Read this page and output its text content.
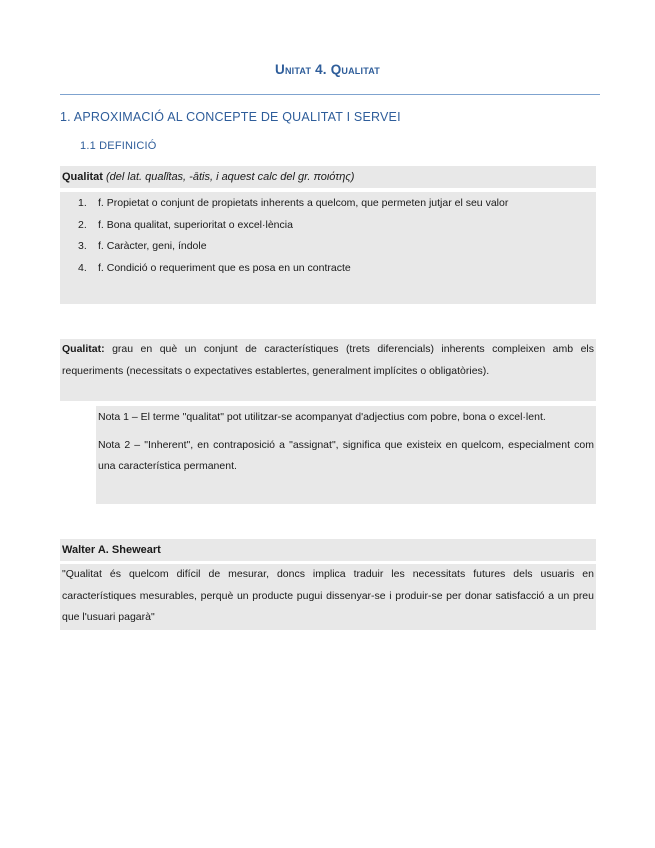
Unitat 4. Qualitat
1. APROXIMACIÓ AL CONCEPTE DE QUALITAT I SERVEI
1.1 DEFINICIÓ
Qualitat (del lat. qualĭtas, -ātis, i aquest calc del gr. ποιότης)
1.	f. Propietat o conjunt de propietats inherents a quelcom, que permeten jutjar el seu valor
2.	f. Bona qualitat, superioritat o excel·lència
3.	f. Caràcter, geni, índole
4.	f. Condició o requeriment que es posa en un contracte
Qualitat: grau en què un conjunt de característiques (trets diferencials) inherents compleixen amb els requeriments (necessitats o expectatives establertes, generalment implícites o obligatòries).
Nota 1 – El terme "qualitat" pot utilitzar-se acompanyat d'adjectius com pobre, bona o excel·lent.
Nota 2 – "Inherent", en contraposició a "assignat", significa que existeix en quelcom, especialment com una característica permanent.
Walter A. Sheweart
"Qualitat és quelcom difícil de mesurar, doncs implica traduir les necessitats futures dels usuaris en característiques mesurables, perquè un producte pugui dissenyar-se i produir-se per donar satisfacció a un preu que l'usuari pagarà"
